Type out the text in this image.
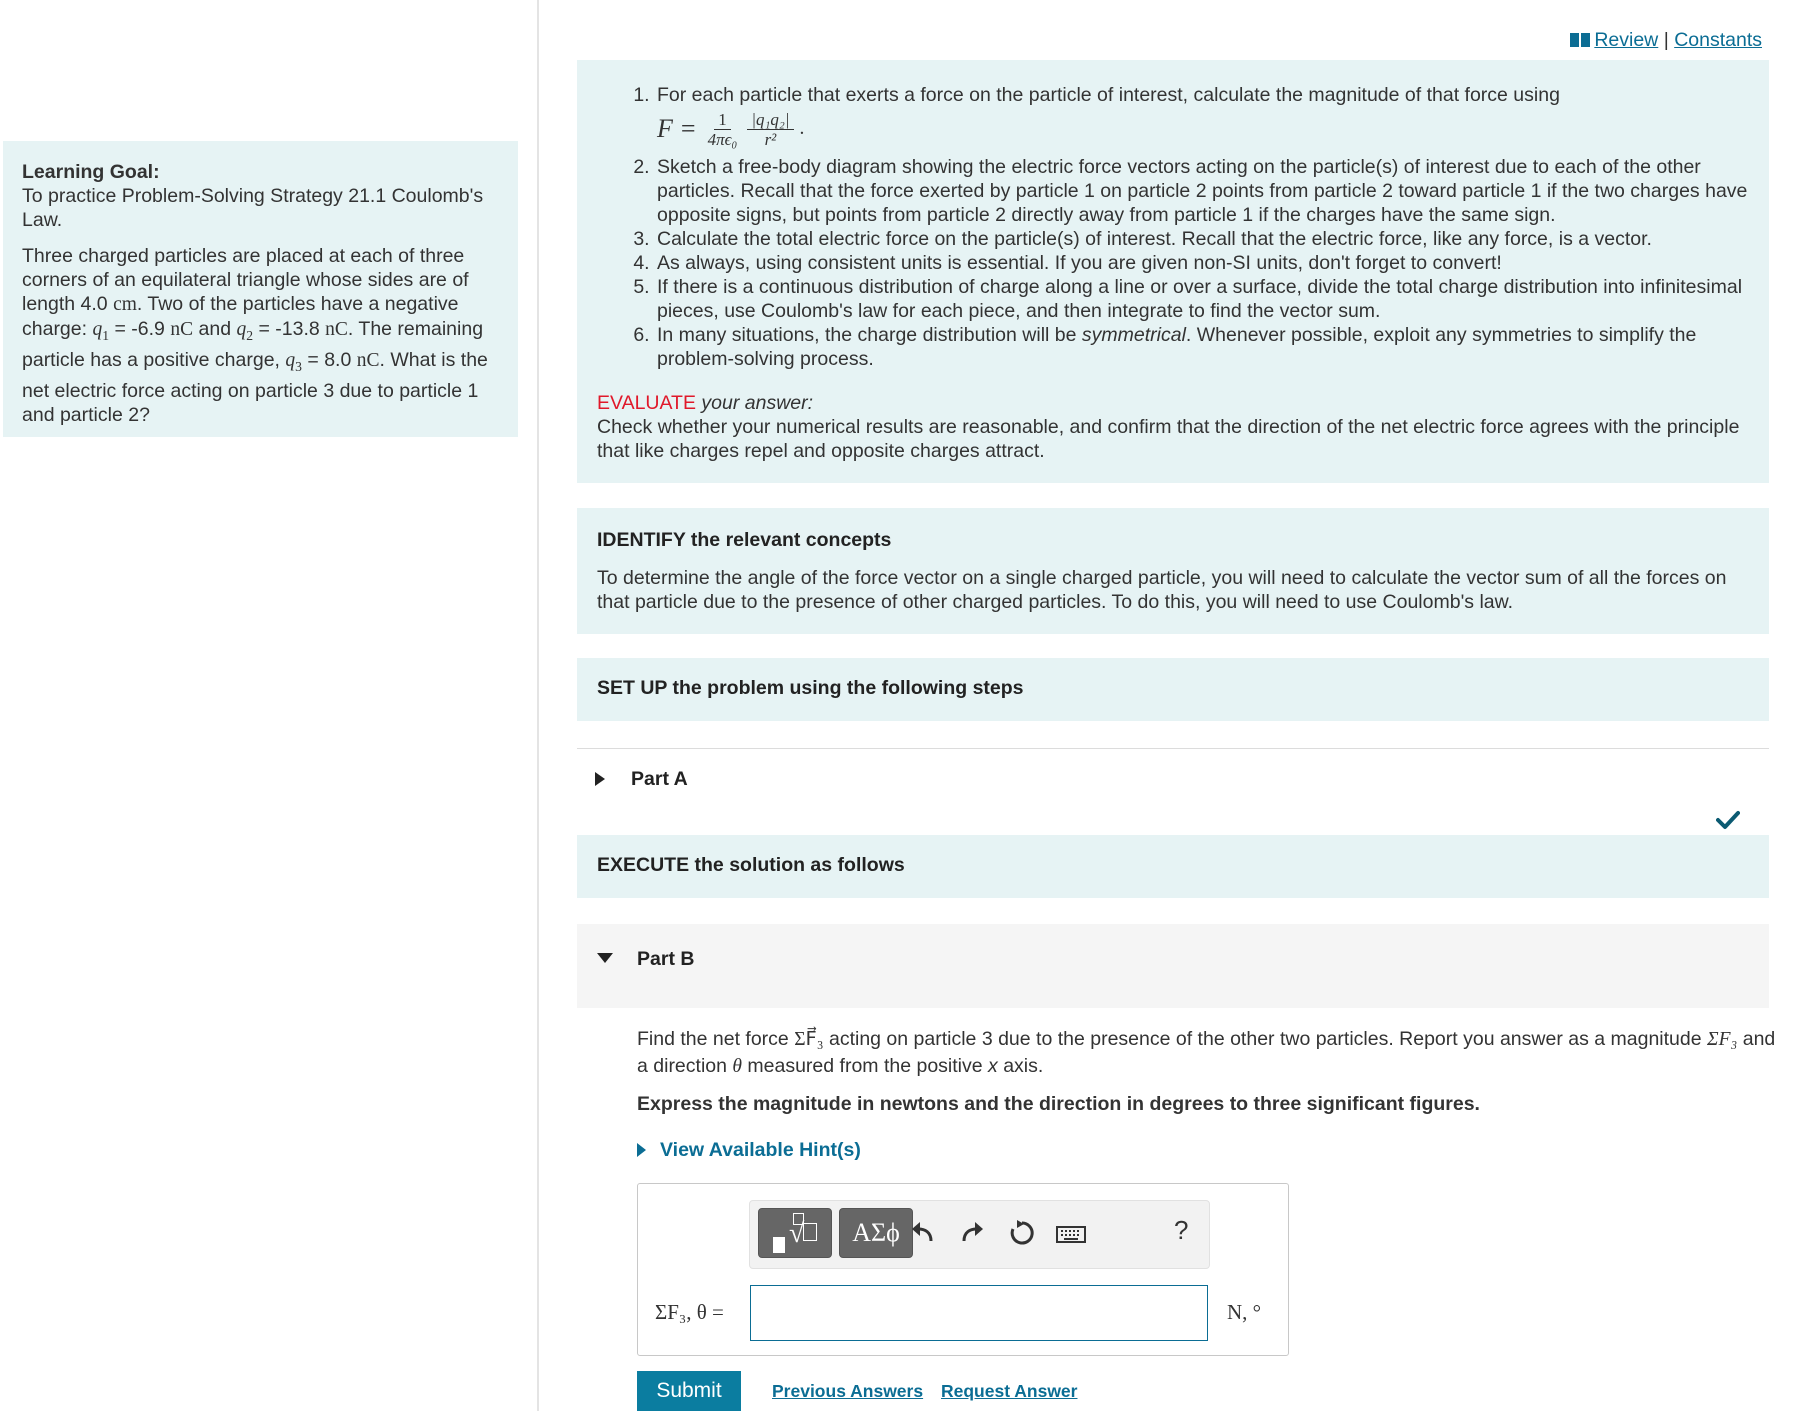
Review | Constants

Learning Goal:
To practice Problem-Solving Strategy 21.1 Coulomb's Law.

Three charged particles are placed at each of three corners of an equilateral triangle whose sides are of length 4.0 cm. Two of the particles have a negative charge: $q_1 = -6.9$ nC and $q_2 = -13.8$ nC. The remaining particle has a positive charge, $q_3 = 8.0$ nC. What is the net electric force acting on particle 3 due to particle 1 and particle 2?

1. For each particle that exerts a force on the particle of interest, calculate the magnitude of that force using
$F = \frac{1}{\text{4πϵ₀}} \frac{\text{|q₁q₂|}}{\text{r²}}$ .
2. Sketch a free-body diagram showing the electric force vectors acting on the particle(s) of interest due to each of the other particles. Recall that the force exerted by particle 1 on particle 2 points from particle 2 toward particle 1 if the two charges have opposite signs, but points from particle 2 directly away from particle 1 if the charges have the same sign.
3. Calculate the total electric force on the particle(s) of interest. Recall that the electric force, like any force, is a vector.
4. As always, using consistent units is essential. If you are given non-SI units, don't forget to convert!
5. If there is a continuous distribution of charge along a line or over a surface, divide the total charge distribution into infinitesimal pieces, use Coulomb's law for each piece, and then integrate to find the vector sum.
6. In many situations, the charge distribution will be symmetrical. Whenever possible, exploit any symmetries to simplify the problem-solving process.
EVALUATE your answer:
Check whether your numerical results are reasonable, and confirm that the direction of the net electric force agrees with the principle that like charges repel and opposite charges attract.
IDENTIFY the relevant concepts

To determine the angle of the force vector on a single charged particle, you will need to calculate the vector sum of all the forces on that particle due to the presence of other charged particles. To do this, you will need to use Coulomb's law.

SET UP the problem using the following steps
Part A
EXECUTE the solution as follows
Part B

Find the net force ΣF⃗₃ acting on particle 3 due to the presence of the other two particles. Report you answer as a magnitude ΣF₃ and a direction θ measured from the positive x axis.

Express the magnitude in newtons and the direction in degrees to three significant figures.
View Available Hint(s)
√	ΑΣϕ	?
ΣF₃, θ =	N, °
Submit	Previous Answers Request Answer
